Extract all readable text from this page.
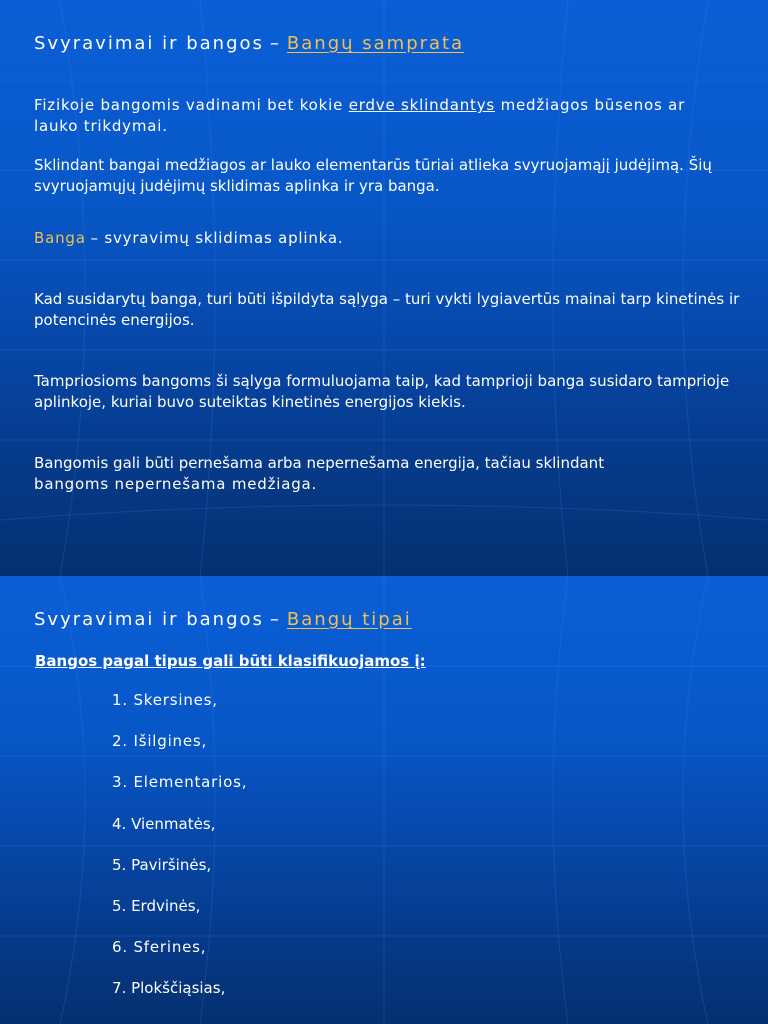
Svyravimai ir bangos – Bangų samprata

Fizikoje bangomis vadinami bet kokie erdve sklindantys medžiagos būsenos ar
lauko trikdymai.

Sklindant bangai medžiagos ar lauko elementarūs tūriai atlieka svyruojamąjį judėjimą. Šių svyruojamųjų judėjimų sklidimas aplinka ir yra banga.

Banga – svyravimų sklidimas aplinka.

Kad susidarytų banga, turi būti išpildyta sąlyga – turi vykti lygiavertūs mainai tarp kinetinės ir potencinės energijos.

Tampriosioms bangoms ši sąlyga formuluojama taip, kad tamprioji banga susidaro tamprioje aplinkoje, kuriai buvo suteiktas kinetinės energijos kiekis.

Bangomis gali būti pernešama arba nepernešama energija, tačiau sklindant
bangoms nepernešama medžiaga.

Svyravimai ir bangos – Bangų tipai

Bangos pagal tipus gali būti klasifikuojamos į:

1. Skersines,
2. Išilgines,
3. Elementarios,
4. Vienmatės,
5. Paviršinės,
5. Erdvinės,
6. Sferines,
7. Plokščiąsias,
